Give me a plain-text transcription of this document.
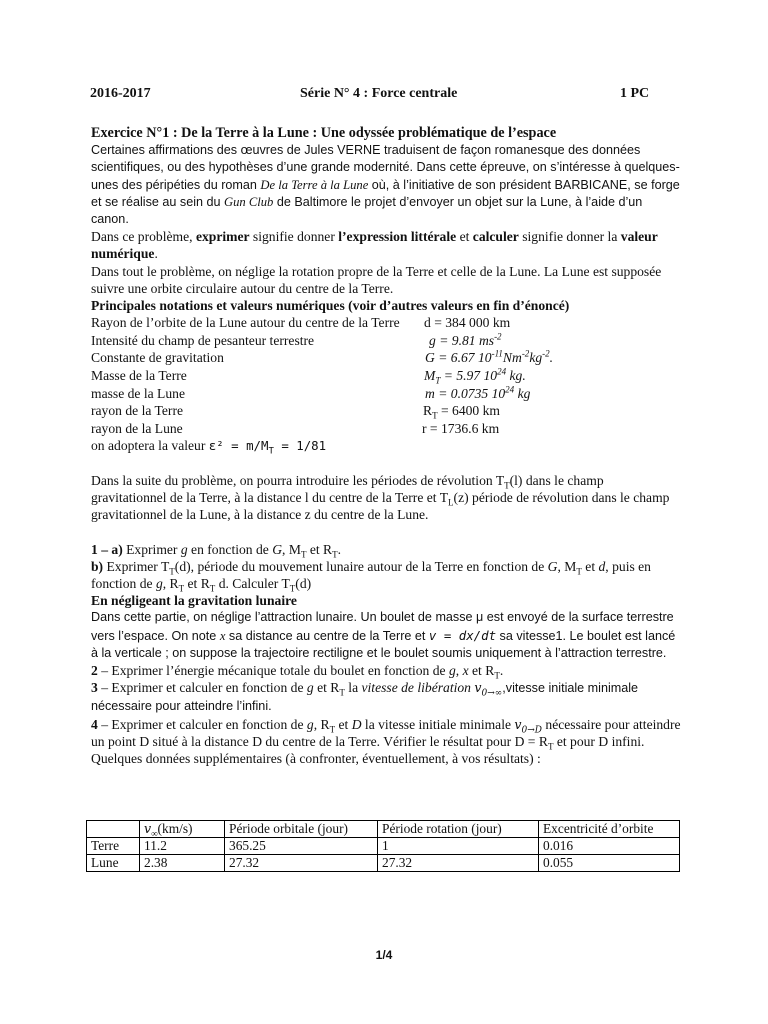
2016-2017	Série N° 4 : Force centrale	1 PC

Exercice N°1 : De la Terre à la Lune : Une odyssée problématique de l’espace

Certaines affirmations des œuvres de Jules VERNE traduisent de façon romanesque des données scientifiques, ou des hypothèses d’une grande modernité. Dans cette épreuve, on s’intéresse à quelques- unes des péripéties du roman De la Terre à la Lune où, à l’initiative de son président BARBICANE, se forge et se réalise au sein du Gun Club de Baltimore le projet d’envoyer un objet sur la Lune, à l’aide d’un canon.

Dans ce problème, exprimer signifie donner l’expression littérale et calculer signifie donner la valeur numérique.

Dans tout le problème, on néglige la rotation propre de la Terre et celle de la Lune. La Lune est supposée suivre une orbite circulaire autour du centre de la Terre.

Principales notations et valeurs numériques (voir d’autres valeurs en fin d’énoncé)

Rayon de l’orbite de la Lune autour du centre de la Terre d = 384 000 km
Intensité du champ de pesanteur terrestre	g = 9.81 $ms^{-2}$
Constante de gravitation	G = 6.67 $10^{-11}Nm^{-2}kg^{-2}$.
Masse de la Terre	$M_T = 5.97$ $10^{24}$ kg.
masse de la Lune	m = 0.0735 $10^{24}$ kg
rayon de la Terre	$R_T = 6400$ km
rayon de la Lune	r = 1736.6 km
on adoptera la valeur $\varepsilon^2 = m/M_T = 1/81$

Dans la suite du problème, on pourra introduire les périodes de révolution $T_T(l)$ dans le champ gravitationnel de la Terre, à la distance l du centre de la Terre et $T_L(z)$ période de révolution dans le champ gravitationnel de la Lune, à la distance z du centre de la Lune.

1 – a) Exprimer g en fonction de G, $M_T$ et $R_T$.

b) Exprimer $T_T(d)$, période du mouvement lunaire autour de la Terre en fonction de G, $M_T$ et d, puis en fonction de g, $R_T$ et $R_T$ d. Calculer $T_T(d)$

En négligeant la gravitation lunaire

Dans cette partie, on néglige l’attraction lunaire. Un boulet de masse μ est envoyé de la surface terrestre vers l’espace. On note x sa distance au centre de la Terre et v = dx/dt sa vitesse1. Le boulet est lancé à la verticale ; on suppose la trajectoire rectiligne et le boulet soumis uniquement à l’attraction terrestre.

2 – Exprimer l’énergie mécanique totale du boulet en fonction de g, x et $R_T$.

3 – Exprimer et calculer en fonction de g et $R_T$ la vitesse de libération $v_{0\to\infty},vitesse$ initiale minimale nécessaire pour atteindre l’infini.

4 – Exprimer et calculer en fonction de g, $R_T$ et D la vitesse initiale minimale $v_{0\to D}$ nécessaire pour atteindre un point D situé à la distance D du centre de la Terre. Vérifier le résultat pour $D = R_T$ et pour D infini.

Quelques données supplémentaires (à confronter, éventuellement, à vos résultats) :

	$v_\infty(km/s)$	Période orbitale (jour)	Période rotation (jour)	Excentricité d’orbite
Terre	11.2	365.25	1	0.016
Lune	2.38	27.32	27.32	0.055
1/4
